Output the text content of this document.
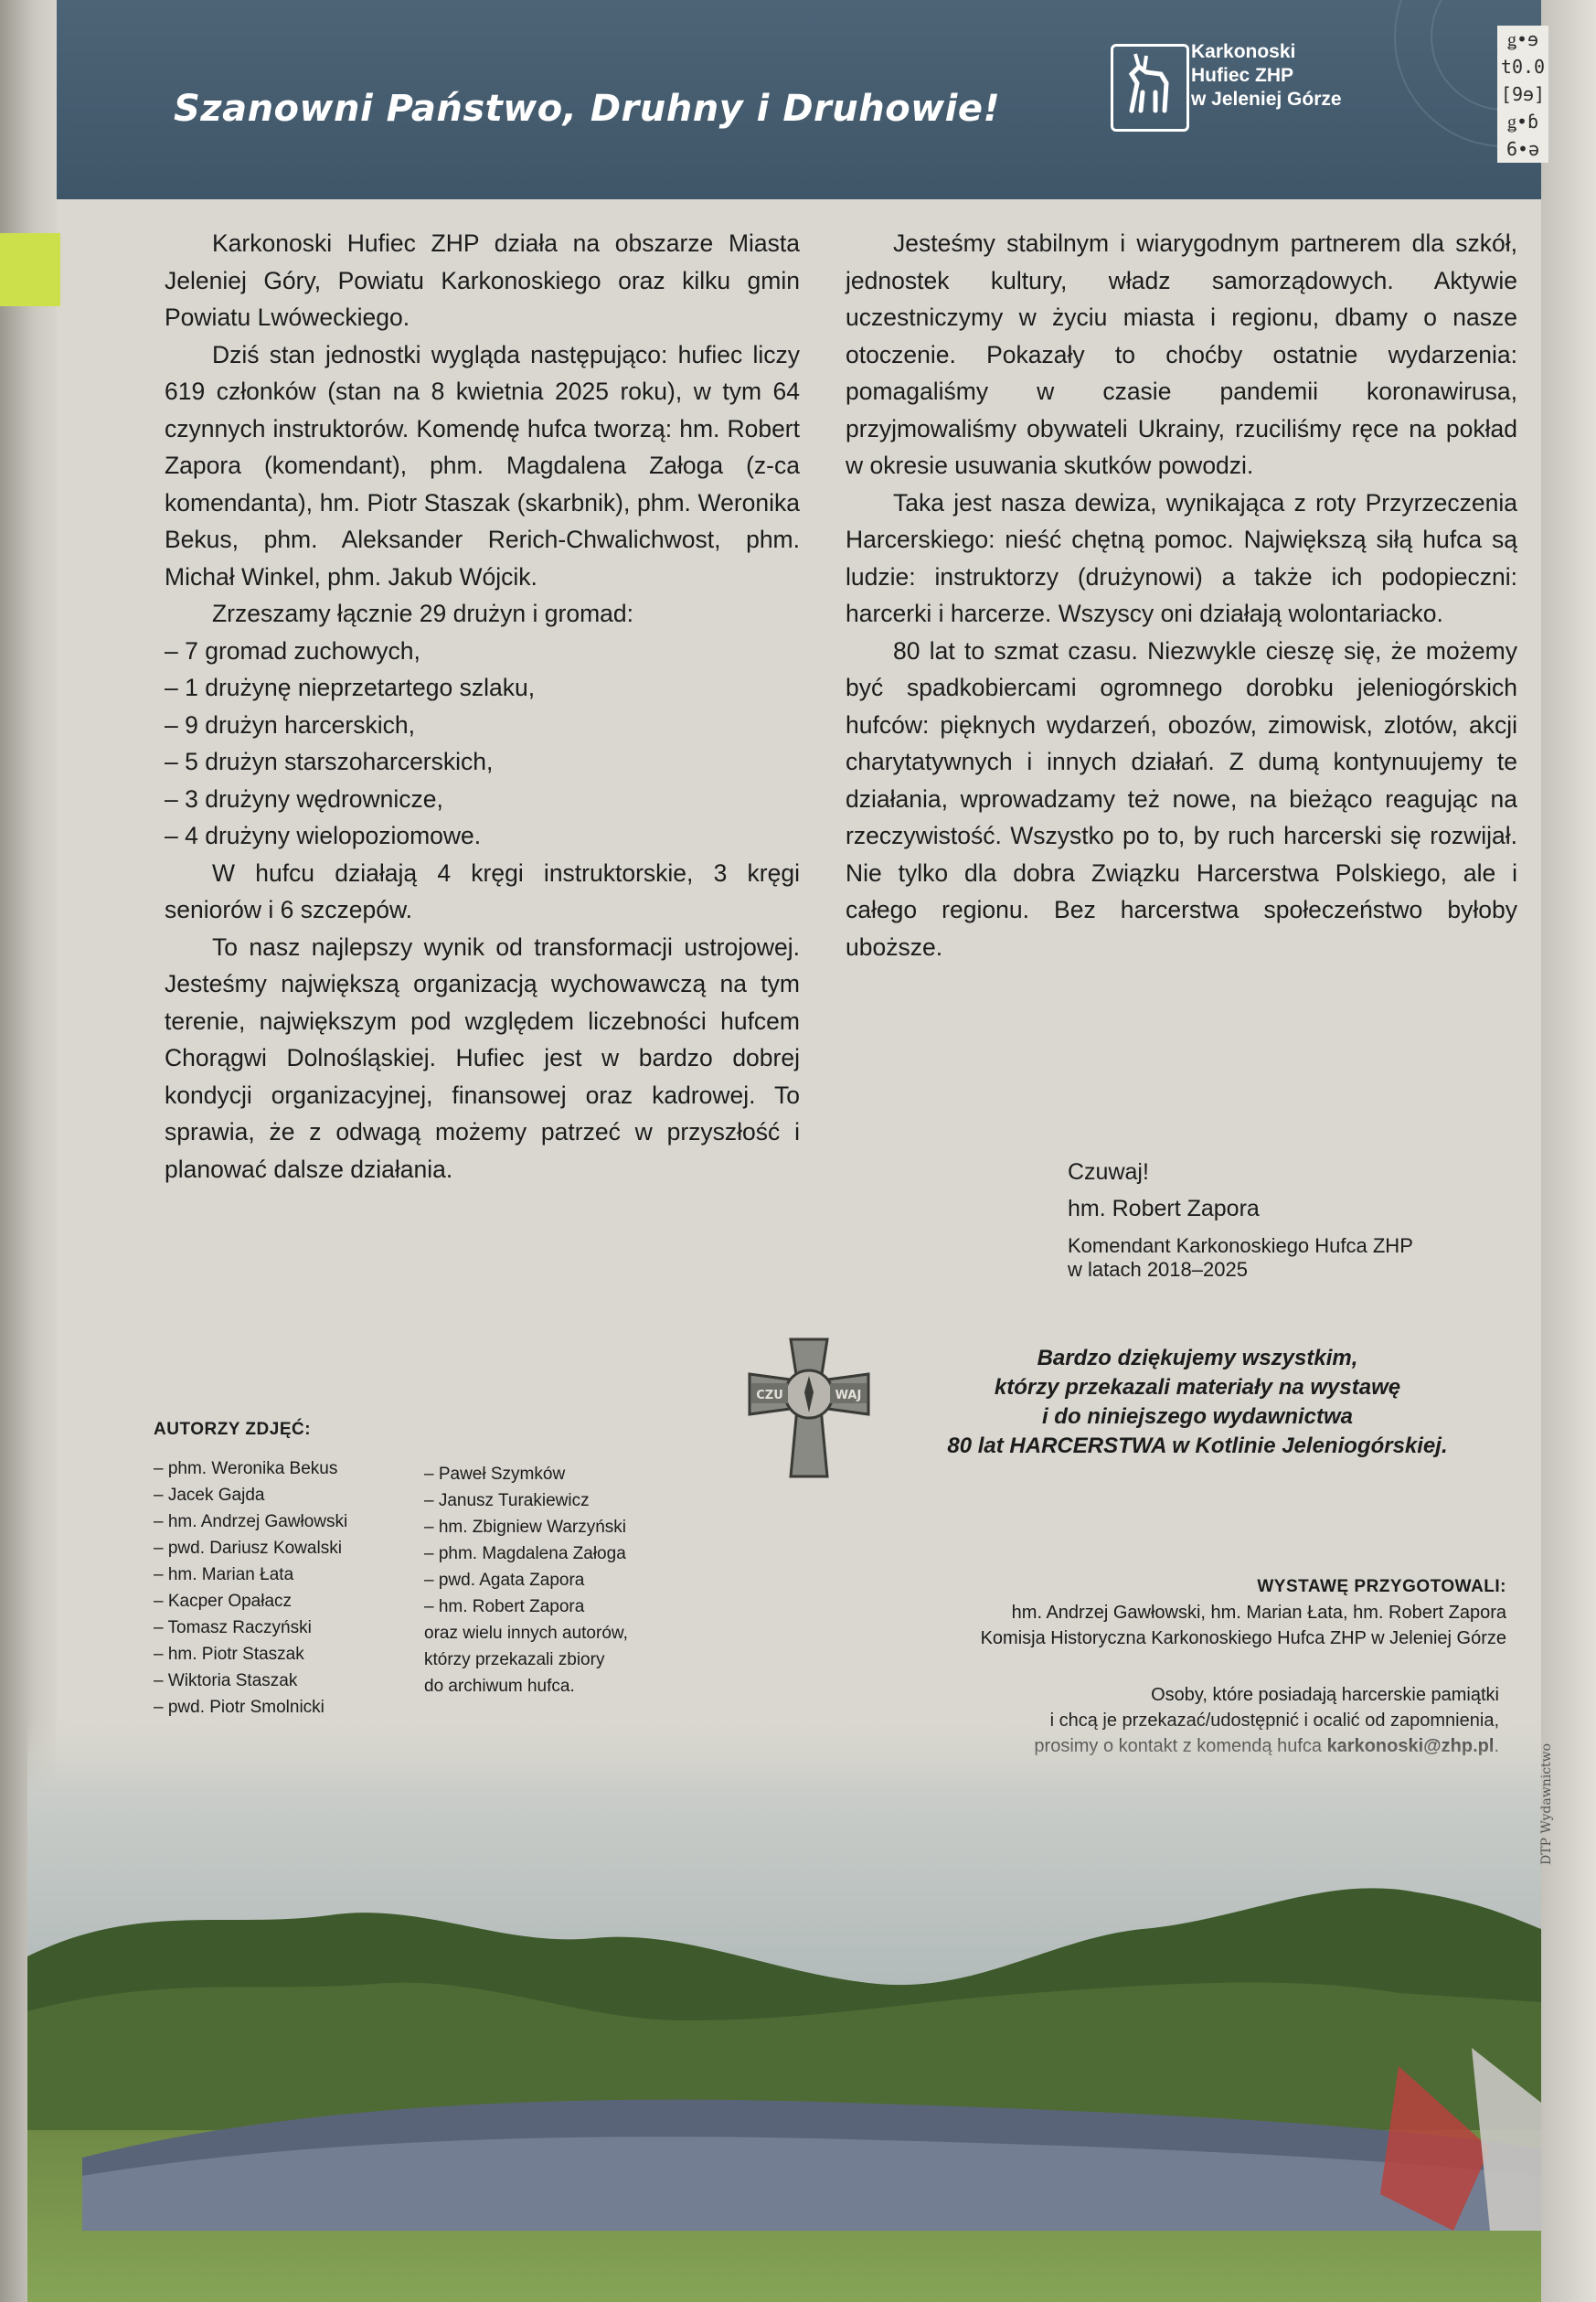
Szanowni Państwo, Druhny i Druhowie!
Karkonoski
Hufiec ZHP
w Jeleniej Górze
ǥ•ɘ
t0.0
[9ɘ]
ǥ•ɓ
6•ə

Karkonoski Hufiec ZHP działa na obszarze Miasta Jeleniej Góry, Powiatu Karkonoskiego oraz kilku gmin Powiatu Lwóweckiego.

Dziś stan jednostki wygląda następująco: hufiec liczy 619 członków (stan na 8 kwietnia 2025 roku), w tym 64 czynnych instruktorów. Komendę hufca tworzą: hm. Robert Zapora (komendant), phm. Magdalena Załoga (z-ca komendanta), hm. Piotr Staszak (skarbnik), phm. Weronika Bekus, phm. Aleksander Rerich-Chwalichwost, phm. Michał Winkel, phm. Jakub Wójcik.

Zrzeszamy łącznie 29 drużyn i gromad:

– 7 gromad zuchowych,
– 1 drużynę nieprzetartego szlaku,
– 9 drużyn harcerskich,
– 5 drużyn starszoharcerskich,
– 3 drużyny wędrownicze,
– 4 drużyny wielopoziomowe.

W hufcu działają 4 kręgi instruktorskie, 3 kręgi seniorów i 6 szczepów.

To nasz najlepszy wynik od transformacji ustrojowej. Jesteśmy największą organizacją wychowawczą na tym terenie, największym pod względem liczebności hufcem Chorągwi Dolnośląskiej. Hufiec jest w bardzo dobrej kondycji organizacyjnej, finansowej oraz kadrowej. To sprawia, że z odwagą możemy patrzeć w przyszłość i planować dalsze działania.

Jesteśmy stabilnym i wiarygodnym partnerem dla szkół, jednostek kultury, władz samorządowych. Aktywie uczestniczymy w życiu miasta i regionu, dbamy o nasze otoczenie. Pokazały to choćby ostatnie wydarzenia: pomagaliśmy w czasie pandemii koronawirusa, przyjmowaliśmy obywateli Ukrainy, rzuciliśmy ręce na pokład w okresie usuwania skutków powodzi.

Taka jest nasza dewiza, wynikająca z roty Przyrzeczenia Harcerskiego: nieść chętną pomoc. Największą siłą hufca są ludzie: instruktorzy (drużynowi) a także ich podopieczni: harcerki i harcerze. Wszyscy oni działają wolontariacko.

80 lat to szmat czasu. Niezwykle cieszę się, że możemy być spadkobiercami ogromnego dorobku jeleniogórskich hufców: pięknych wydarzeń, obozów, zimowisk, zlotów, akcji charytatywnych i innych działań. Z dumą kontynuujemy te działania, wprowadzamy też nowe, na bieżąco reagując na rzeczywistość. Wszystko po to, by ruch harcerski się rozwijał. Nie tylko dla dobra Związku Harcerstwa Polskiego, ale i całego regionu. Bez harcerstwa społeczeństwo byłoby uboższe.

Czuwaj!
hm. Robert Zapora
Komendant Karkonoskiego Hufca ZHP
w latach 2018–2025
CZU	WAJ
Bardzo dziękujemy wszystkim,
którzy przekazali materiały na wystawę
i do niniejszego wydawnictwa
80 lat HARCERSTWA w Kotlinie Jeleniogórskiej.
AUTORZY ZDJĘĆ:
– phm. Weronika Bekus
– Jacek Gajda
– hm. Andrzej Gawłowski
– pwd. Dariusz Kowalski
– hm. Marian Łata
– Kacper Opałacz
– Tomasz Raczyński
– hm. Piotr Staszak
– Wiktoria Staszak
– pwd. Piotr Smolnicki
– Paweł Szymków
– Janusz Turakiewicz
– hm. Zbigniew Warzyński
– phm. Magdalena Załoga
– pwd. Agata Zapora
– hm. Robert Zapora
oraz wielu innych autorów,
którzy przekazali zbiory
do archiwum hufca.
WYSTAWĘ PRZYGOTOWALI:
hm. Andrzej Gawłowski, hm. Marian Łata, hm. Robert Zapora
Komisja Historyczna Karkonoskiego Hufca ZHP w Jeleniej Górze
Osoby, które posiadają harcerskie pamiątki
DTP Wydawnictwo
